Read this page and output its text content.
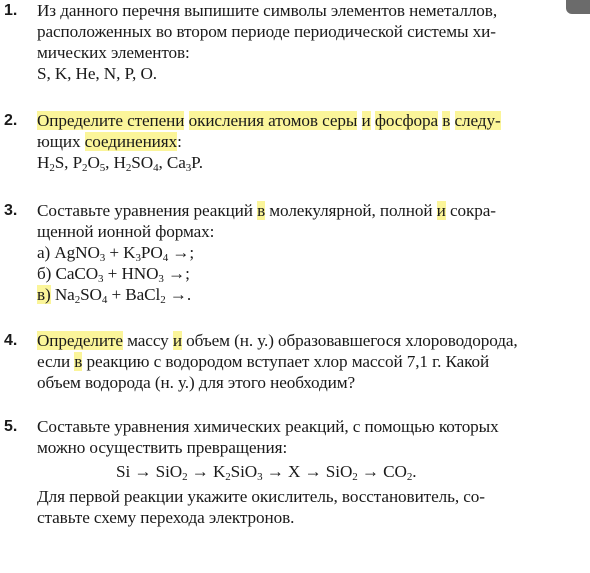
1. Из данного перечня выпишите символы элементов неметаллов,
расположенных во втором периоде периодической системы хи-
мических элементов:
S, K, He, N, P, O.
2. Определите степени окисления атомов серы и фосфора в следу-
ющих соединениях:
$H_2S$, $P_2O_5$, $H_2SO_4$, $Ca_3P$.
3. Составьте уравнения реакций в молекулярной, полной и сокра-
щенной ионной формах:
а) AgNO$_3$ + $K_3PO_4$ →;
б) CaCO$_3$ + $HNO_3$ →;
в) $Na_2SO_4$ + BaCl$_2$ →.
4. Определите массу и объем (н. у.) образовавшегося хлороводорода,
если в реакцию с водородом вступает хлор массой 7,1 г. Какой
объем водорода (н. у.) для этого необходим?
5. Составьте уравнения химических реакций, с помощью которых
можно осуществить превращения:
$Si \to SiO_2 \to K_2SiO_3 \to X \to SiO_2 \to CO_2$.
Для первой реакции укажите окислитель, восстановитель, со-
ставьте схему перехода электронов.
